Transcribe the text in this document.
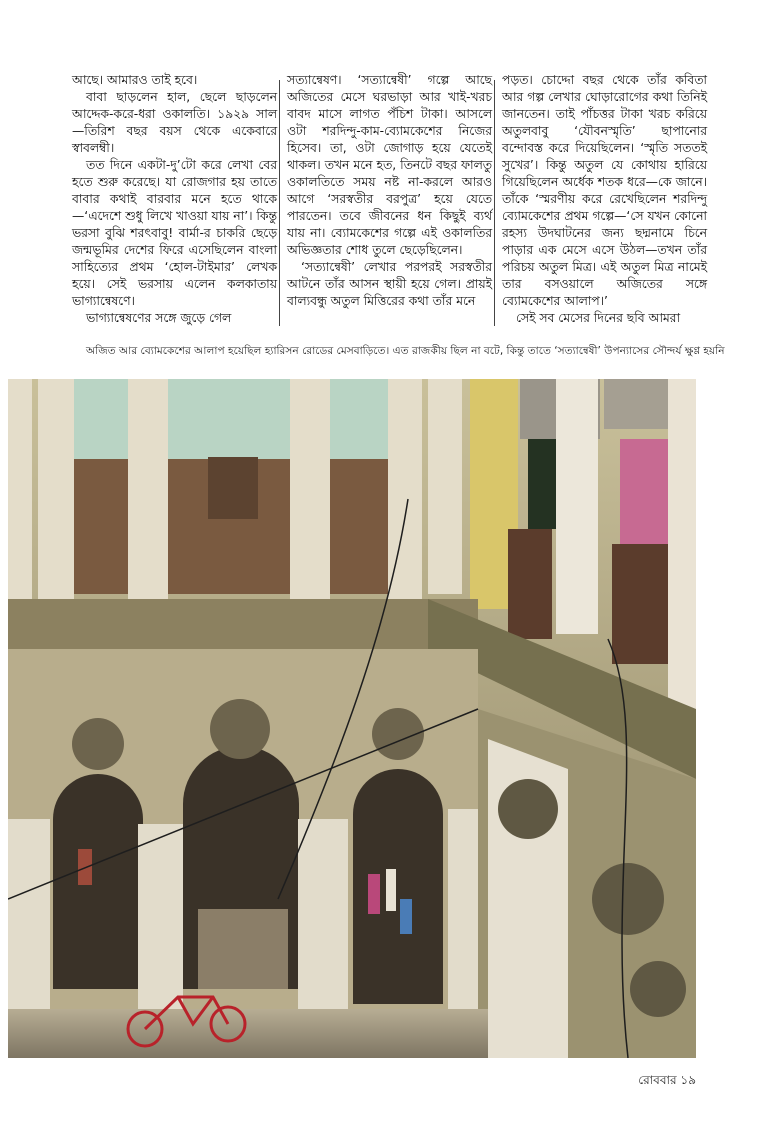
আছে। আমারও তাই হবে।

বাবা ছাড়লেন হাল, ছেলে ছাড়লেন আদ্দেক-করে-ধরা ওকালতি। ১৯২৯ সাল—তিরিশ বছর বয়স থেকে একেবারে স্বাবলম্বী।

তত দিনে একটা-দু’টো করে লেখা বের হতে শুরু করেছে। যা রোজগার হয় তাতে বাবার কথাই বারবার মনে হতে থাকে—‘এদেশে শুধু লিখে খাওয়া যায় না’। কিন্তু ভরসা বুঝি শরৎবাবু! বার্মা-র চাকরি ছেড়ে জন্মভূমির দেশের ফিরে এসেছিলেন বাংলা সাহিত্যের প্রথম ‘হোল-টাইমার’ লেখক হয়ে। সেই ভরসায় এলেন কলকাতায় ভাগ্যান্বেষণে।

ভাগ্যান্বেষণের সঙ্গে জুড়ে গেল

সত্যান্বেষণ। ‘সত্যান্বেষী’ গল্পে আছে অজিতের মেসে ঘরভাড়া আর খাই-খরচ বাবদ মাসে লাগত পঁচিশ টাকা। আসলে ওটা শরদিন্দু-কাম-ব্যোমকেশের নিজের হিসেব। তা, ওটা জোগাড় হয়ে যেতেই থাকল। তখন মনে হত, তিনটে বছর ফালতু ওকালতিতে সময় নষ্ট না-করলে আরও আগে ‘সরস্বতীর বরপুত্র’ হয়ে যেতে পারতেন। তবে জীবনের ধন কিছুই ব্যর্থ যায় না। ব্যোমকেশের গল্পে এই ওকালতির অভিজ্ঞতার শোধ তুলে ছেড়েছিলেন।

‘সত্যান্বেষী’ লেখার পরপরই সরস্বতীর আটনে তাঁর আসন স্থায়ী হয়ে গেল। প্রায়ই বাল্যবন্ধু অতুল মিত্তিরের কথা তাঁর মনে

পড়ত। চোদ্দো বছর থেকে তাঁর কবিতা আর গল্প লেখার ঘোড়ারোগের কথা তিনিই জানতেন। তাই পাঁচত্তর টাকা খরচ করিয়ে অতুলবাবু ‘যৌবনস্মৃতি’ ছাপানোর বন্দোবস্ত করে দিয়েছিলেন। ‘স্মৃতি সততই সুখের’। কিন্তু অতুল যে কোথায় হারিয়ে গিয়েছিলেন অর্ধেক শতক ধরে—কে জানে। তাঁকে ‘স্মরণীয় করে রেখেছিলেন শরদিন্দু ব্যোমকেশের প্রথম গল্পে—‘সে যখন কোনো রহস্য উদঘাটনের জন্য ছদ্মনামে চিনে পাড়ার এক মেসে এসে উঠল—তখন তাঁর পরিচয় অতুল মিত্র। এই অতুল মিত্র নামেই তার বসওয়ালে অজিতের সঙ্গে ব্যোমকেশের আলাপ।’

সেই সব মেসের দিনের ছবি আমরা

অজিত আর ব্যোমকেশের আলাপ হয়েছিল হ্যারিসন রোডের মেসবাড়িতে। এত রাজকীয় ছিল না বটে, কিন্তু তাতে ‘সত্যান্বেষী’ উপন্যাসের সৌন্দর্য ক্ষুণ্ণ হয়নি
রোববার ১৯
